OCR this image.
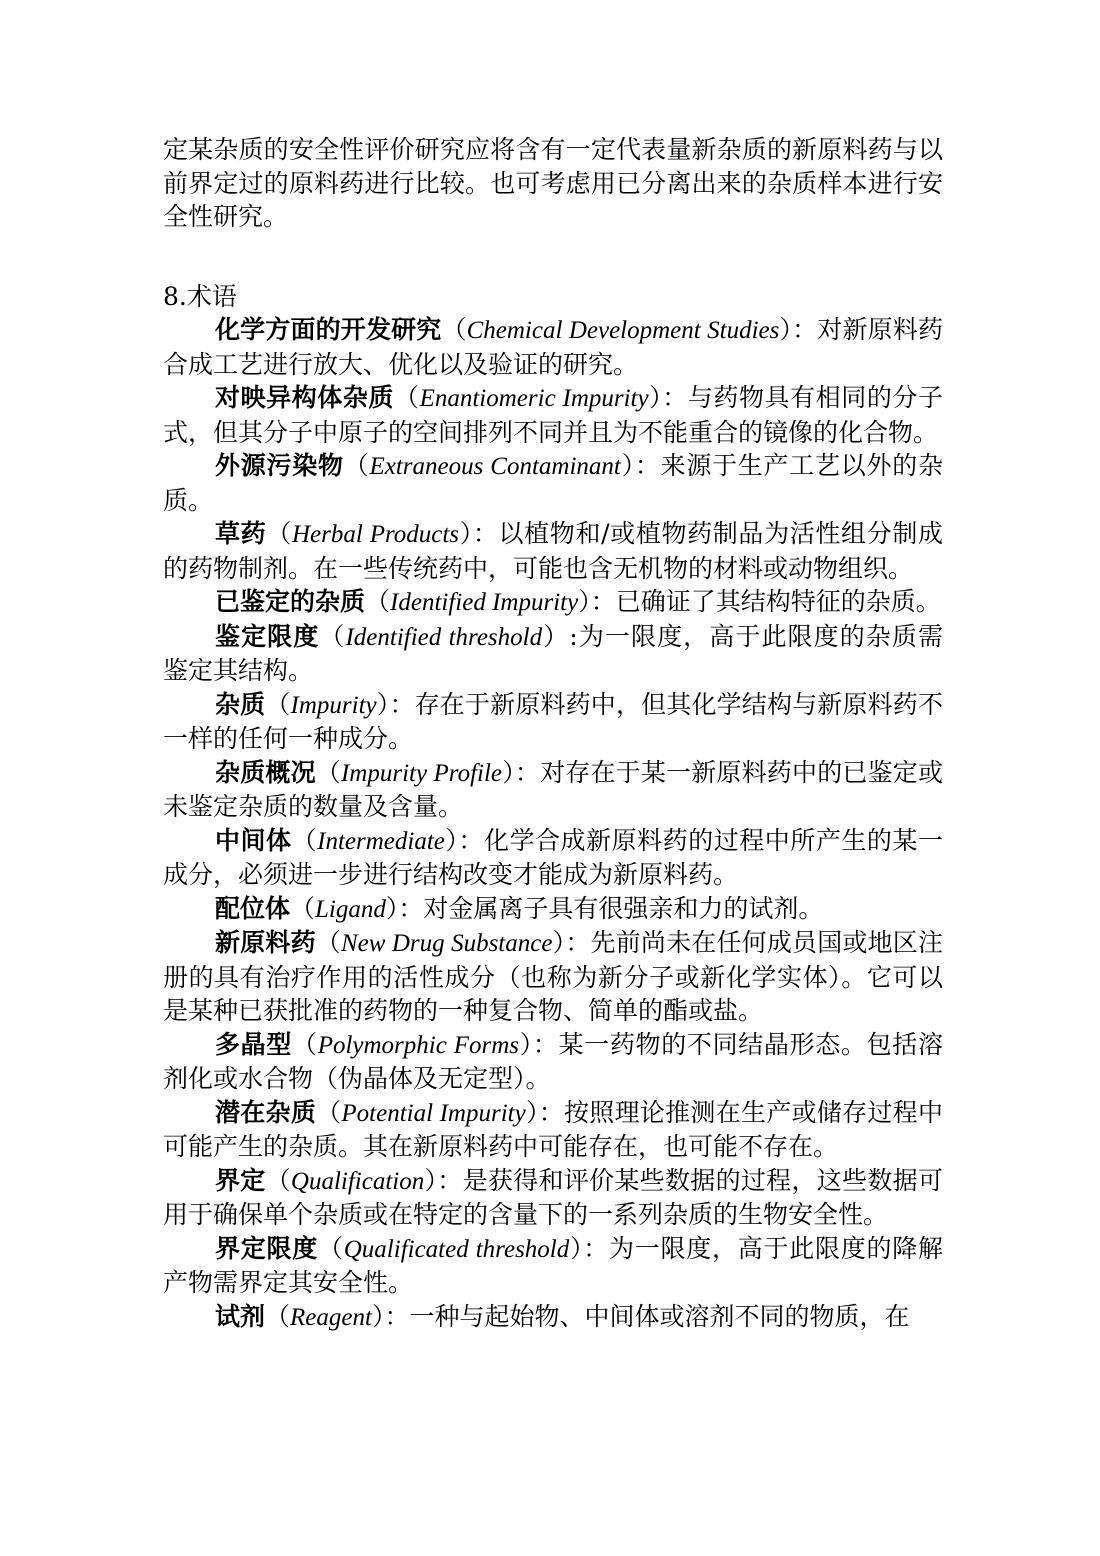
定某杂质的安全性评价研究应将含有一定代表量新杂质的新原料药与以前界定过的原料药进行比较。也可考虑用已分离出来的杂质样本进行安全性研究。

8.术语

化学方面的开发研究（Chemical Development Studies）：对新原料药合成工艺进行放大、优化以及验证的研究。

对映异构体杂质（Enantiomeric Impurity）：与药物具有相同的分子式，但其分子中原子的空间排列不同并且为不能重合的镜像的化合物。

外源污染物（Extraneous Contaminant）：来源于生产工艺以外的杂质。

草药（Herbal Products）：以植物和/或植物药制品为活性组分制成的药物制剂。在一些传统药中，可能也含无机物的材料或动物组织。

已鉴定的杂质（Identified Impurity）：已确证了其结构特征的杂质。

鉴定限度（Identified threshold）:为一限度，高于此限度的杂质需鉴定其结构。

杂质（Impurity）：存在于新原料药中，但其化学结构与新原料药不一样的任何一种成分。

杂质概况（Impurity Profile）：对存在于某一新原料药中的已鉴定或未鉴定杂质的数量及含量。

中间体（Intermediate）：化学合成新原料药的过程中所产生的某一成分，必须进一步进行结构改变才能成为新原料药。

配位体（Ligand）：对金属离子具有很强亲和力的试剂。

新原料药（New Drug Substance）：先前尚未在任何成员国或地区注册的具有治疗作用的活性成分（也称为新分子或新化学实体）。它可以是某种已获批准的药物的一种复合物、简单的酯或盐。

多晶型（Polymorphic Forms）：某一药物的不同结晶形态。包括溶剂化或水合物（伪晶体及无定型）。

潜在杂质（Potential Impurity）：按照理论推测在生产或储存过程中可能产生的杂质。其在新原料药中可能存在，也可能不存在。

界定（Qualification）：是获得和评价某些数据的过程，这些数据可用于确保单个杂质或在特定的含量下的一系列杂质的生物安全性。

界定限度（Qualificated threshold）：为一限度，高于此限度的降解产物需界定其安全性。

试剂（Reagent）：一种与起始物、中间体或溶剂不同的物质，在
